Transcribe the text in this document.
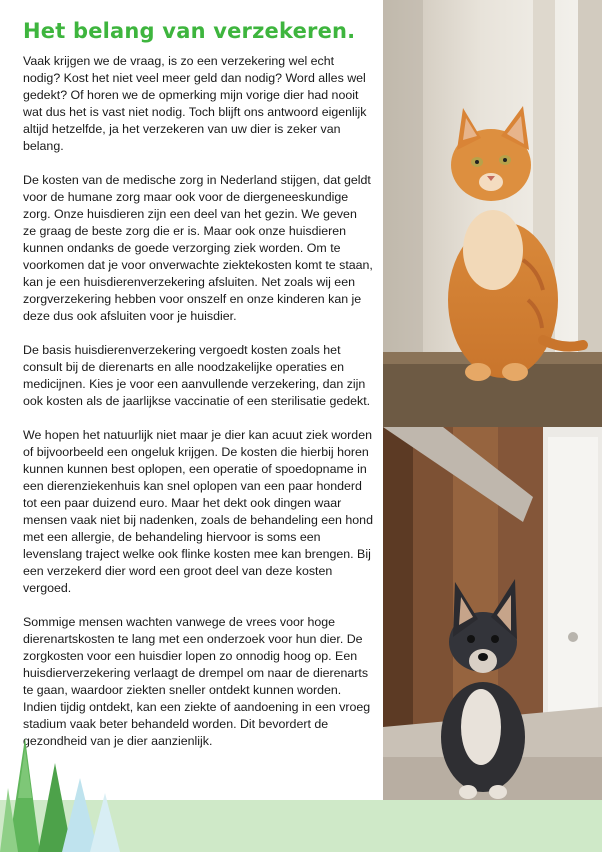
Het belang van verzekeren.

Vaak krijgen we de vraag, is zo een verzekering wel echt nodig? Kost het niet veel meer geld dan nodig? Word alles wel gedekt? Of horen we de opmerking mijn vorige dier had nooit wat dus het is vast niet nodig. Toch blijft ons antwoord eigenlijk altijd hetzelfde, ja het verzekeren van uw dier is zeker van belang.

De kosten van de medische zorg in Nederland stijgen, dat geldt voor de humane zorg maar ook voor de diergeneeskundige zorg. Onze huisdieren zijn een deel van het gezin. We geven ze graag de beste zorg die er is. Maar ook onze huisdieren kunnen ondanks de goede verzorging ziek worden. Om te voorkomen dat je voor onverwachte ziektekosten komt te staan, kan je een huisdierenverzekering afsluiten. Net zoals wij een zorgverzekering hebben voor onszelf en onze kinderen kan je deze dus ook afsluiten voor je huisdier.

De basis huisdierenverzekering vergoedt kosten zoals het consult bij de dierenarts en alle noodzakelijke operaties en medicijnen. Kies je voor een aanvullende verzekering, dan zijn ook kosten als de jaarlijkse vaccinatie of een sterilisatie gedekt.

We hopen het natuurlijk niet maar je dier kan acuut ziek worden of bijvoorbeeld een ongeluk krijgen. De kosten die hierbij horen kunnen kunnen best oplopen, een operatie of spoedopname in een dierenziekenhuis kan snel oplopen van een paar honderd tot een paar duizend euro. Maar het dekt ook dingen waar mensen vaak niet bij nadenken, zoals de behandeling een hond met een allergie, de behandeling hiervoor is soms een levenslang traject welke ook flinke kosten mee kan brengen. Bij een verzekerd dier word een groot deel van deze kosten vergoed.

Sommige mensen wachten vanwege de vrees voor hoge dierenartskosten te lang met een onderzoek voor hun dier. De zorgkosten voor een huisdier lopen zo onnodig hoog op. Een huisdierverzekering verlaagt de drempel om naar de dierenarts te gaan, waardoor ziekten sneller ontdekt kunnen worden. Indien tijdig ontdekt, kan een ziekte of aandoening in een vroeg stadium vaak beter behandeld worden. Dit bevordert de gezondheid van je dier aanzienlijk.
